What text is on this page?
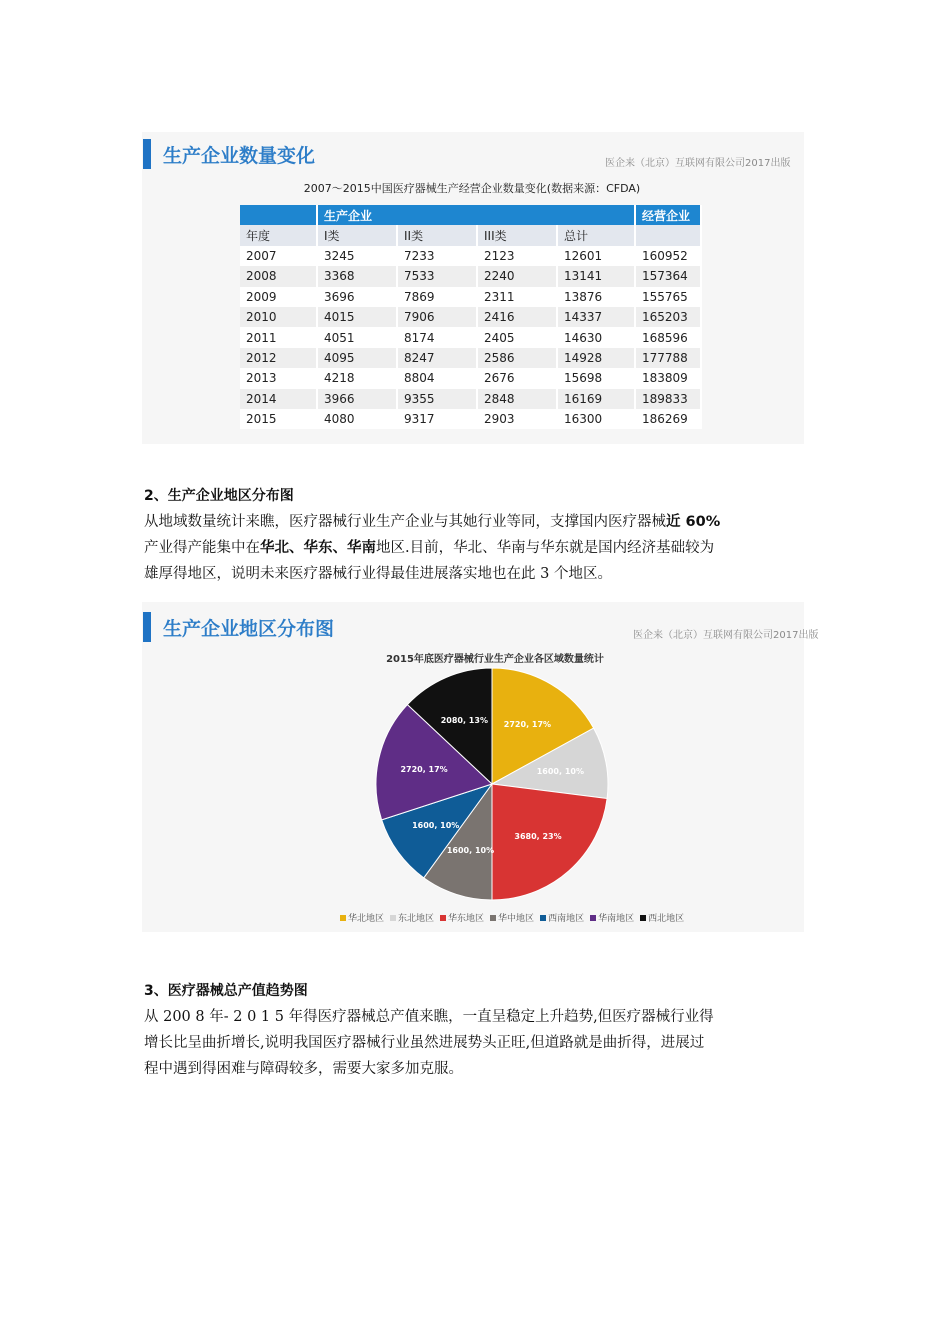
生产企业数量变化	医企来（北京）互联网有限公司2017出版
2007～2015中国医疗器械生产经营企业数量变化(数据来源：CFDA)
	生产企业				经营企业
年度	I类	II类	III类	总计	
2007	3245	7233	2123	12601	160952
2008	3368	7533	2240	13141	157364
2009	3696	7869	2311	13876	155765
2010	4015	7906	2416	14337	165203
2011	4051	8174	2405	14630	168596
2012	4095	8247	2586	14928	177788
2013	4218	8804	2676	15698	183809
2014	3966	9355	2848	16169	189833
2015	4080	9317	2903	16300	186269
2、生产企业地区分布图
从地域数量统计来瞧，医疗器械行业生产企业与其她行业等同，支撑国内医疗器械近 60%
产业得产能集中在华北、华东、华南地区.目前，华北、华南与华东就是国内经济基础较为
雄厚得地区，说明未来医疗器械行业得最佳进展落实地也在此 3 个地区。
生产企业地区分布图	医企来（北京）互联网有限公司2017出版
2015年底医疗器械行业生产企业各区域数量统计
2720, 17%
1600, 10%
3680, 23%
1600, 10%
1600, 10%
2720, 17%
2080, 13%
华北地区 东北地区 华东地区 华中地区 西南地区 华南地区 西北地区
3、医疗器械总产值趋势图
从 200 8 年- 2 0 1 5 年得医疗器械总产值来瞧，一直呈稳定上升趋势,但医疗器械行业得
增长比呈曲折增长,说明我国医疗器械行业虽然进展势头正旺,但道路就是曲折得，进展过
程中遇到得困难与障碍较多，需要大家多加克服。
